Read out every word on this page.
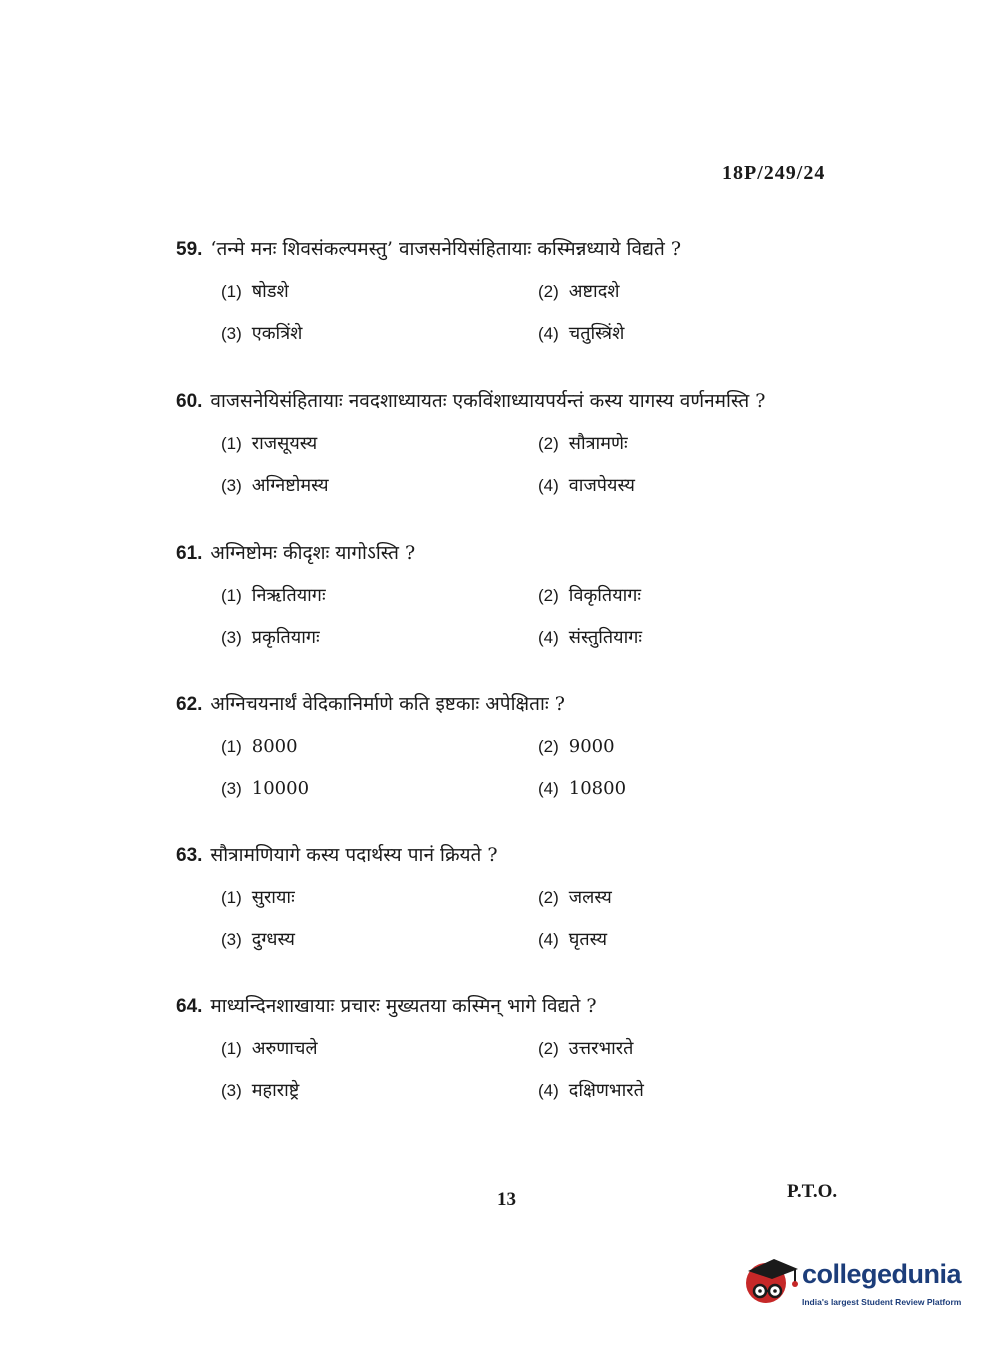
18P/249/24
59. ‘तन्मे मनः शिवसंकल्पमस्तु’ वाजसनेयिसंहितायाः कस्मिन्नध्याये विद्यते ?
(1) षोडशे	(2) अष्टादशे
(3) एकत्रिंशे	(4) चतुस्त्रिंशे
60. वाजसनेयिसंहितायाः नवदशाध्यायतः एकविंशाध्यायपर्यन्तं कस्य यागस्य वर्णनमस्ति ?
(1) राजसूयस्य	(2) सौत्रामणेः
(3) अग्निष्टोमस्य	(4) वाजपेयस्य
61. अग्निष्टोमः कीदृशः यागोऽस्ति ?
(1) निऋतियागः	(2) विकृतियागः
(3) प्रकृतियागः	(4) संस्तुतियागः
62. अग्निचयनार्थं वेदिकानिर्माणे कति इष्टकाः अपेक्षिताः ?
(1) 8000	(2) 9000
(3) 10000	(4) 10800
63. सौत्रामणियागे कस्य पदार्थस्य पानं क्रियते ?
(1) सुरायाः	(2) जलस्य
(3) दुग्धस्य	(4) घृतस्य
64. माध्यन्दिनशाखायाः प्रचारः मुख्यतया कस्मिन् भागे विद्यते ?
(1) अरुणाचले	(2) उत्तरभारते
(3) महाराष्ट्रे	(4) दक्षिणभारते
13	P.T.O.
collegedunia
India's largest Student Review Platform
